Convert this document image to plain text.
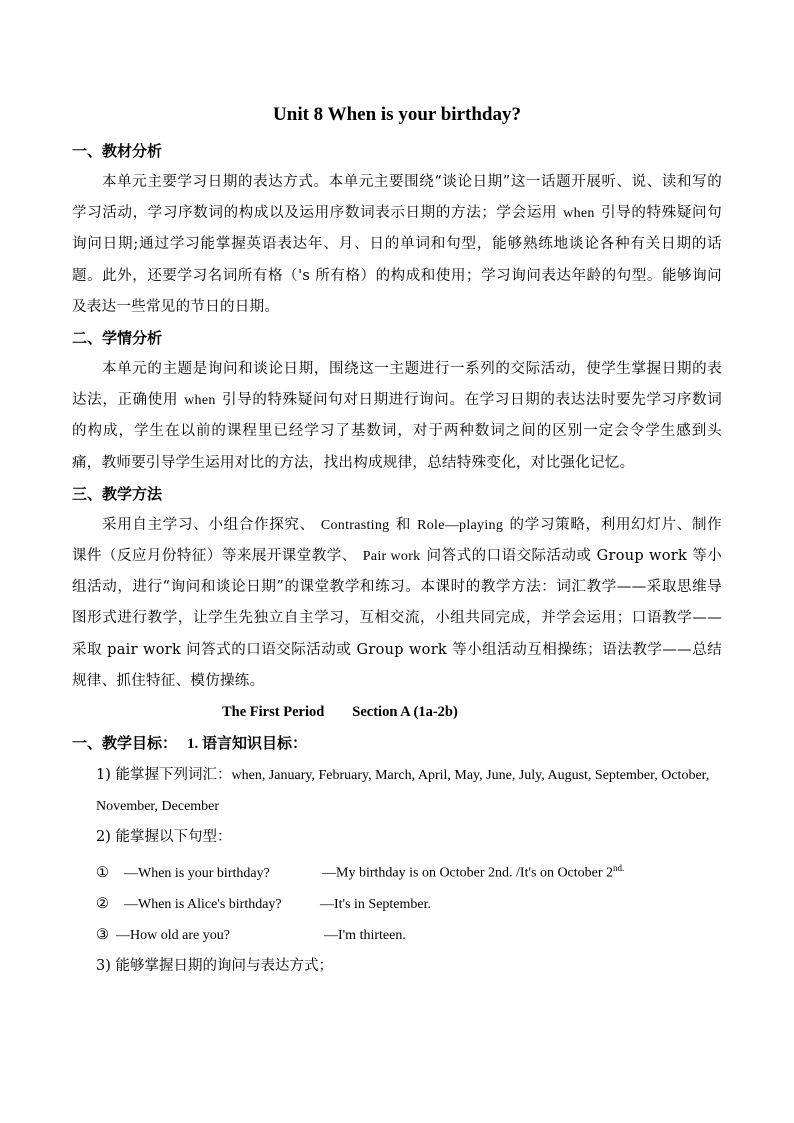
Unit 8 When is your birthday?

一、教材分析

本单元主要学习日期的表达方式。本单元主要围绕“谈论日期”这一话题开展听、说、读和写的学习活动，学习序数词的构成以及运用序数词表示日期的方法；学会运用 when 引导的特殊疑问句询问日期;通过学习能掌握英语表达年、月、日的单词和句型，能够熟练地谈论各种有关日期的话题。此外，还要学习名词所有格（'s 所有格）的构成和使用；学习询问表达年龄的句型。能够询问及表达一些常见的节日的日期。

二、学情分析

本单元的主题是询问和谈论日期，围绕这一主题进行一系列的交际活动，使学生掌握日期的表达法，正确使用 when 引导的特殊疑问句对日期进行询问。在学习日期的表达法时要先学习序数词的构成，学生在以前的课程里已经学习了基数词，对于两种数词之间的区别一定会令学生感到头痛，教师要引导学生运用对比的方法，找出构成规律，总结特殊变化，对比强化记忆。

三、教学方法

采用自主学习、小组合作探究、 Contrasting 和 Role—playing 的学习策略，利用幻灯片、制作课件（反应月份特征）等来展开课堂教学、 Pair work 问答式的口语交际活动或 Group work 等小组活动，进行“询问和谈论日期”的课堂教学和练习。本课时的教学方法：词汇教学——采取思维导图形式进行教学，让学生先独立自主学习，互相交流，小组共同完成，并学会运用；口语教学——采取 pair work 问答式的口语交际活动或 Group work 等小组活动互相操练；语法教学——总结规律、抓住特征、模仿操练。

The First Period Section A (1a-2b)

一、教学目标： 1. 语言知识目标：

1) 能掌握下列词汇：when, January, February, March, April, May, June, July, August, September, October, November, December

2) 能掌握以下句型：

① —When is your birthday?	—My birthday is on October 2nd. /It's on October $2^{nd.}$

② —When is Alice's birthday?	—It's in September.

③ —How old are you?	—I'm thirteen.

3) 能够掌握日期的询问与表达方式；
